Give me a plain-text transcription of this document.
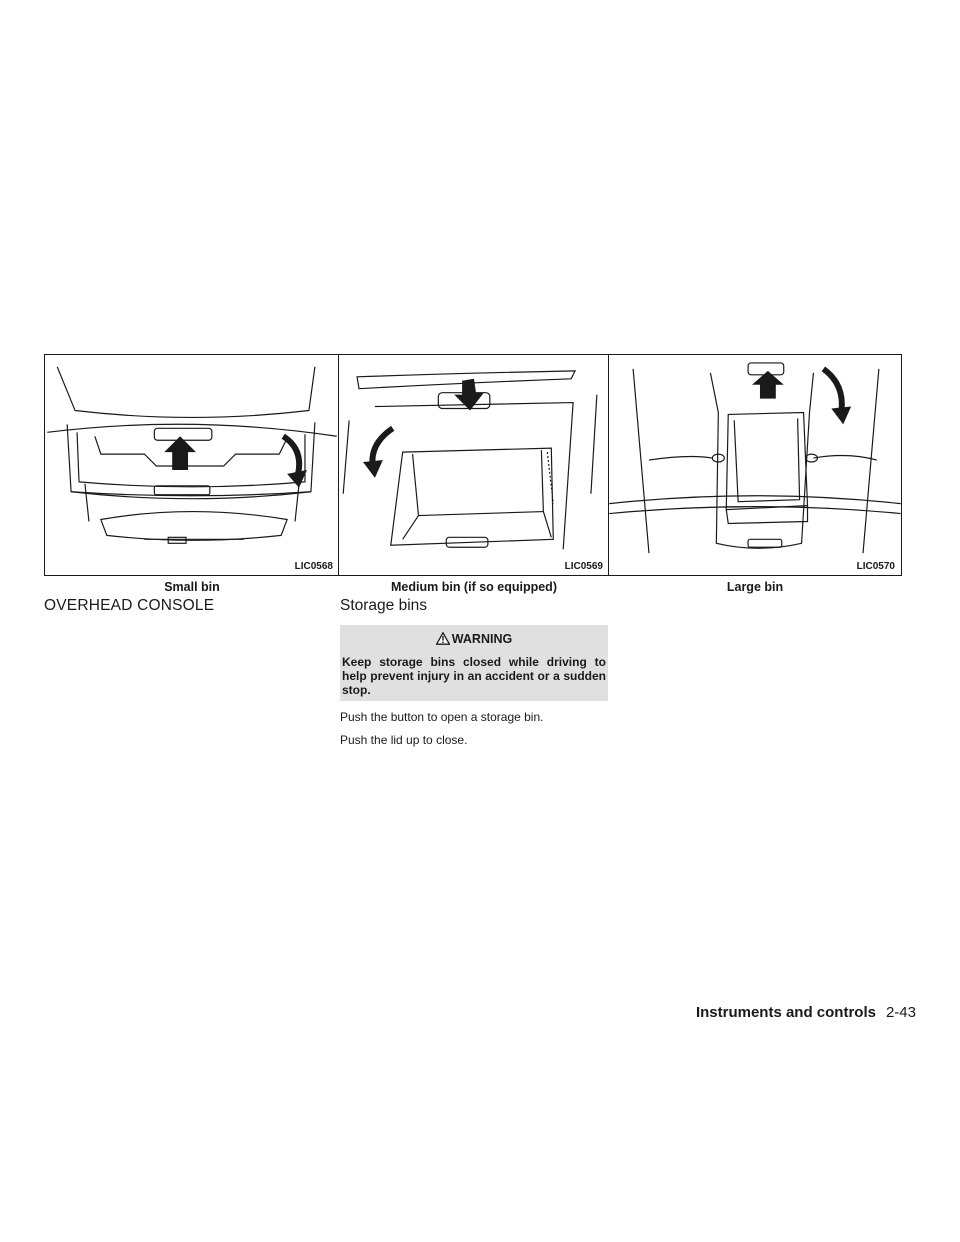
LIC0568	LIC0569	LIC0570
Small bin	Medium bin (if so equipped)	Large bin
OVERHEAD CONSOLE	Storage bins
WARNING
Keep storage bins closed while driving to help prevent injury in an accident or a sudden stop.
Push the button to open a storage bin.
Push the lid up to close.
Instruments and controls 2-43
